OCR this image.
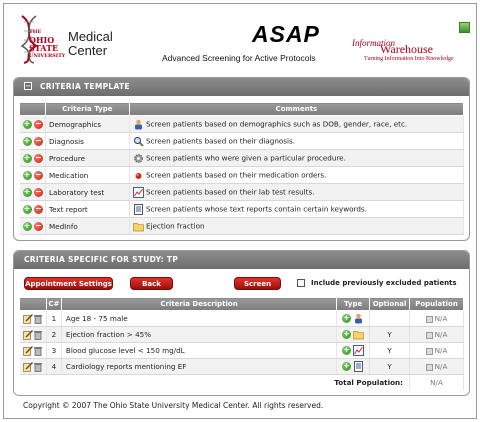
THE
OHIO
STATE
UNIVERSITY
Medical
Center
ASAP
Advanced Screening for Active Protocols
Information
Warehouse
Turning Information Into Knowledge
− CRITERIA TEMPLATE
	Criteria Type	Comments
+ −	Demographics	Screen patients based on demographics such as DOB, gender, race, etc.
+ −	Diagnosis	Screen patients based on their diagnosis.
+ −	Procedure	Screen patients who were given a particular procedure.
+ −	Medication	Screen patients based on their medication orders.
+ −	Laboratory test	Screen patients based on their lab test results.
+ −	Text report	Screen patients whose text reports contain certain keywords.
+ −	MedInfo	Ejection fraction
CRITERIA SPECIFIC FOR STUDY: TP
Appointment Settings	Back	Screen	Include previously excluded patients
	C#	Criteria Description	Type	Optional	Population
	1	Age 18 - 75 male	+		N/A
	2	Ejection fraction > 45%	+	Y	N/A
	3	Blood glucose level < 150 mg/dL	+	Y	N/A
	4	Cardiology reports mentioning EF	+	Y	N/A
Total Population:					N/A
Copyright © 2007 The Ohio State University Medical Center. All rights reserved.
